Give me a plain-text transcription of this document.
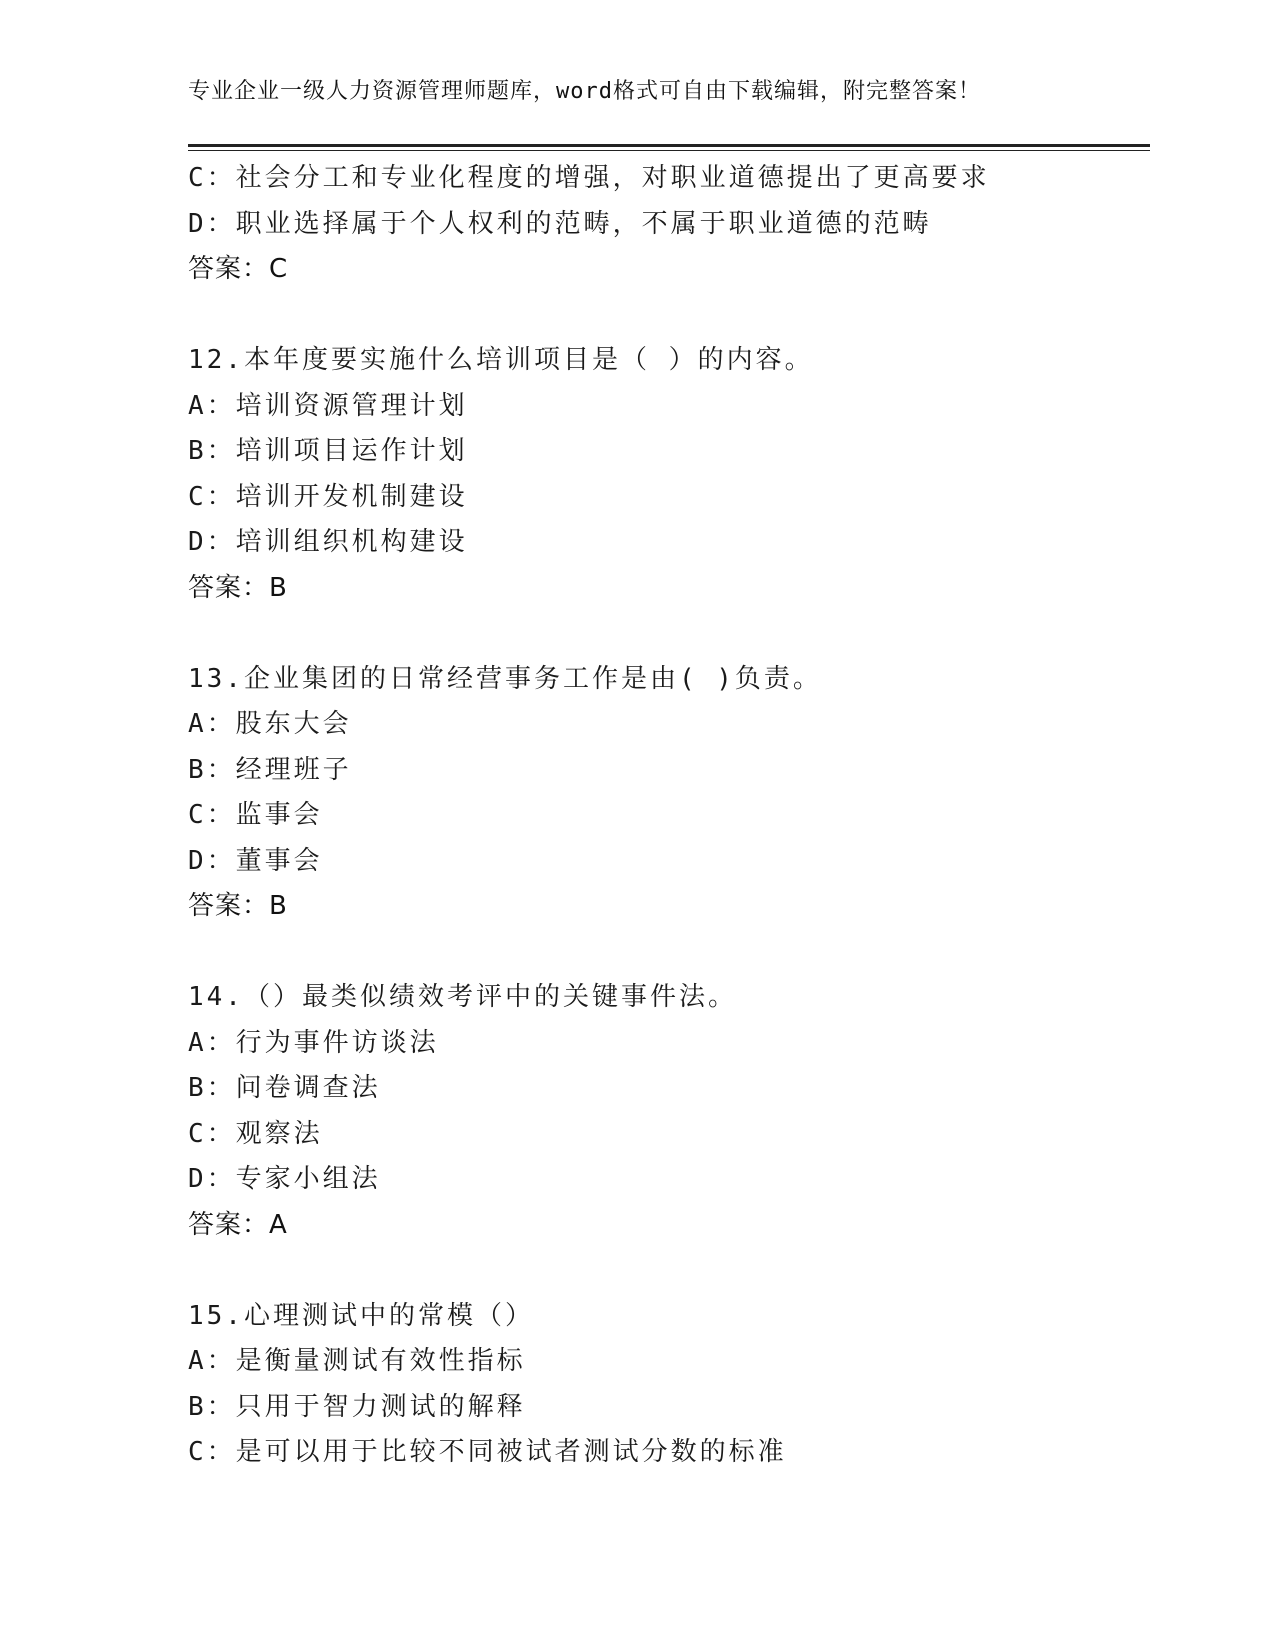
专业企业一级人力资源管理师题库，word格式可自由下载编辑，附完整答案！
C：社会分工和专业化程度的增强，对职业道德提出了更高要求
D：职业选择属于个人权利的范畴，不属于职业道德的范畴
答案：C
12.本年度要实施什么培训项目是（ ）的内容。
A：培训资源管理计划
B：培训项目运作计划
C：培训开发机制建设
D：培训组织机构建设
答案：B
13.企业集团的日常经营事务工作是由( )负责。
A：股东大会
B：经理班子
C：监事会
D：董事会
答案：B
14.（）最类似绩效考评中的关键事件法。
A：行为事件访谈法
B：问卷调查法
C：观察法
D：专家小组法
答案：A
15.心理测试中的常模（）
A：是衡量测试有效性指标
B：只用于智力测试的解释
C：是可以用于比较不同被试者测试分数的标准
